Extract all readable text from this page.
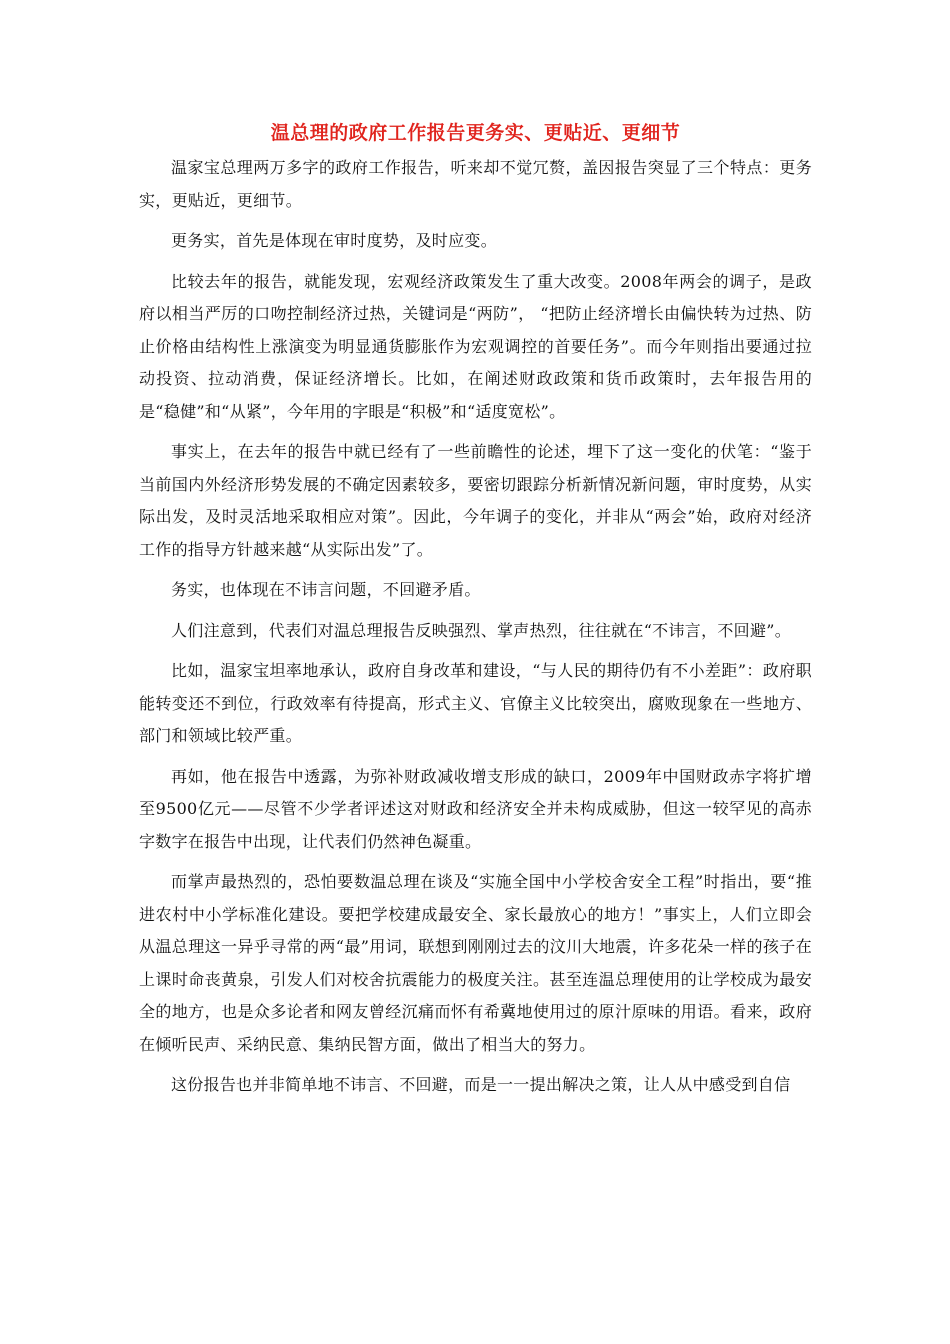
温总理的政府工作报告更务实、更贴近、更细节

温家宝总理两万多字的政府工作报告，听来却不觉冗赘，盖因报告突显了三个特点：更务实，更贴近，更细节。

更务实，首先是体现在审时度势，及时应变。

比较去年的报告，就能发现，宏观经济政策发生了重大改变。2008年两会的调子，是政府以相当严厉的口吻控制经济过热，关键词是“两防”， “把防止经济增长由偏快转为过热、防止价格由结构性上涨演变为明显通货膨胀作为宏观调控的首要任务”。而今年则指出要通过拉动投资、拉动消费，保证经济增长。比如，在阐述财政政策和货币政策时，去年报告用的是“稳健”和“从紧”，今年用的字眼是“积极”和“适度宽松”。

事实上，在去年的报告中就已经有了一些前瞻性的论述，埋下了这一变化的伏笔：“鉴于当前国内外经济形势发展的不确定因素较多，要密切跟踪分析新情况新问题，审时度势，从实际出发，及时灵活地采取相应对策”。因此，今年调子的变化，并非从“两会”始，政府对经济工作的指导方针越来越“从实际出发”了。

务实，也体现在不讳言问题，不回避矛盾。

人们注意到，代表们对温总理报告反映强烈、掌声热烈，往往就在“不讳言，不回避”。

比如，温家宝坦率地承认，政府自身改革和建设，“与人民的期待仍有不小差距”：政府职能转变还不到位，行政效率有待提高，形式主义、官僚主义比较突出，腐败现象在一些地方、部门和领域比较严重。

再如，他在报告中透露，为弥补财政减收增支形成的缺口，2009年中国财政赤字将扩增至9500亿元——尽管不少学者评述这对财政和经济安全并未构成威胁，但这一较罕见的高赤字数字在报告中出现，让代表们仍然神色凝重。

而掌声最热烈的，恐怕要数温总理在谈及“实施全国中小学校舍安全工程”时指出，要“推进农村中小学标准化建设。要把学校建成最安全、家长最放心的地方！”事实上，人们立即会从温总理这一异乎寻常的两“最”用词，联想到刚刚过去的汶川大地震，许多花朵一样的孩子在上课时命丧黄泉，引发人们对校舍抗震能力的极度关注。甚至连温总理使用的让学校成为最安全的地方，也是众多论者和网友曾经沉痛而怀有希冀地使用过的原汁原味的用语。看来，政府在倾听民声、采纳民意、集纳民智方面，做出了相当大的努力。

这份报告也并非简单地不讳言、不回避，而是一一提出解决之策，让人从中感受到自信
